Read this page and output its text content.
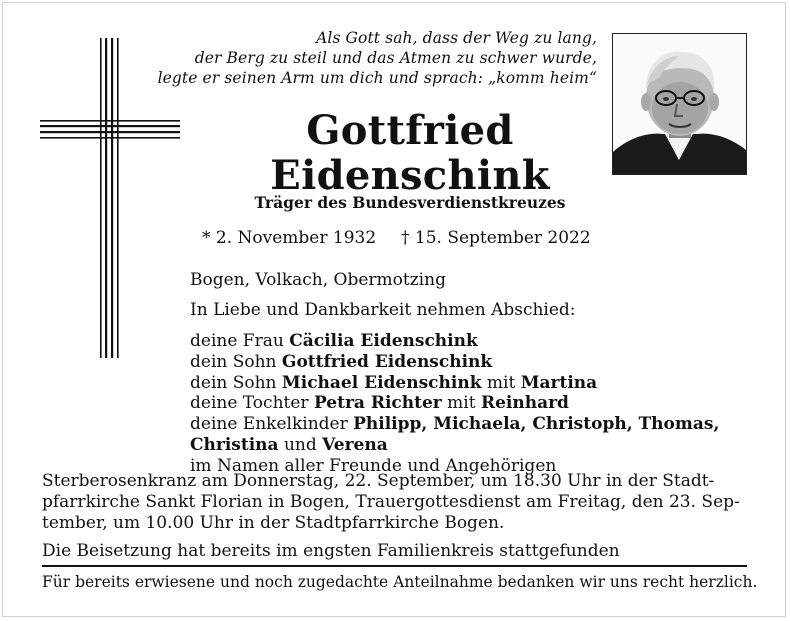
Als Gott sah, dass der Weg zu lang,
der Berg zu steil und das Atmen zu schwer wurde,
legte er seinen Arm um dich und sprach: „komm heim“
Gottfried
Eidenschink
Träger des Bundesverdienstkreuzes
* 2. November 1932 † 15. September 2022
Bogen, Volkach, Obermotzing
In Liebe und Dankbarkeit nehmen Abschied:
deine Frau Cäcilia Eidenschink
dein Sohn Gottfried Eidenschink
dein Sohn Michael Eidenschink mit Martina
deine Tochter Petra Richter mit Reinhard
deine Enkelkinder Philipp, Michaela, Christoph, Thomas,
Christina und Verena
im Namen aller Freunde und Angehörigen
Sterberosenkranz am Donnerstag, 22. September, um 18.30 Uhr in der Stadt-
pfarrkirche Sankt Florian in Bogen, Trauergottesdienst am Freitag, den 23. Sep-
tember, um 10.00 Uhr in der Stadtpfarrkirche Bogen.
Die Beisetzung hat bereits im engsten Familienkreis stattgefunden
Für bereits erwiesene und noch zugedachte Anteilnahme bedanken wir uns recht herzlich.
